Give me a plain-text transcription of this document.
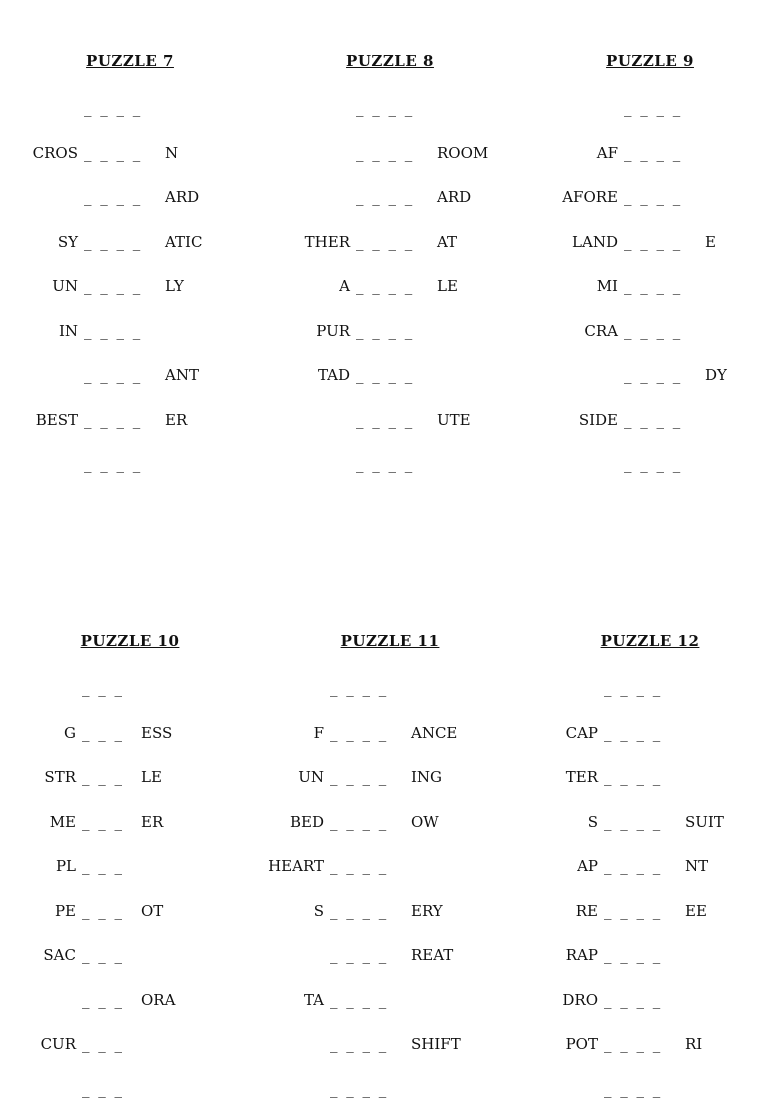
PUZZLE 7
_ _ _ _
CROS _ _ _ _ N
_ _ _ _ ARD
SY _ _ _ _ ATIC
UN _ _ _ _ LY
IN _ _ _ _
_ _ _ _ ANT
BEST _ _ _ _ ER
_ _ _ _
PUZZLE 8
_ _ _ _
_ _ _ _ ROOM
_ _ _ _ ARD
THER _ _ _ _ AT
A _ _ _ _ LE
PUR _ _ _ _
TAD _ _ _ _
_ _ _ _ UTE
_ _ _ _
PUZZLE 9
_ _ _ _
AF _ _ _ _
AFORE _ _ _ _
LAND _ _ _ _ E
MI _ _ _ _
CRA _ _ _ _
_ _ _ _ DY
SIDE _ _ _ _
_ _ _ _
PUZZLE 10
_ _ _
G _ _ _ ESS
STR _ _ _ LE
ME _ _ _ ER
PL _ _ _
PE _ _ _ OT
SAC _ _ _
_ _ _ ORA
CUR _ _ _
_ _ _
PUZZLE 11
_ _ _ _
F _ _ _ _ ANCE
UN _ _ _ _ ING
BED _ _ _ _ OW
HEART _ _ _ _
S _ _ _ _ ERY
_ _ _ _ REAT
TA _ _ _ _
_ _ _ _ SHIFT
_ _ _ _
PUZZLE 12
_ _ _ _
CAP _ _ _ _
TER _ _ _ _
S _ _ _ _ SUIT
AP _ _ _ _ NT
RE _ _ _ _ EE
RAP _ _ _ _
DRO _ _ _ _
POT _ _ _ _ RI
_ _ _ _
